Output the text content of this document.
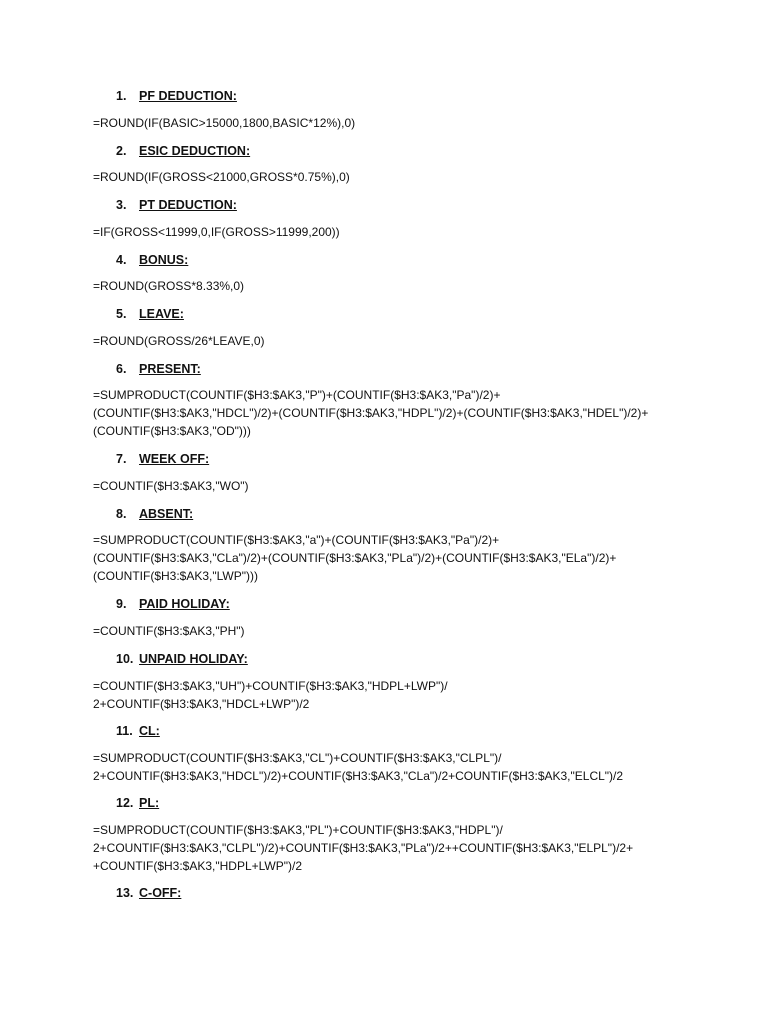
1. PF DEDUCTION:
=ROUND(IF(BASIC>15000,1800,BASIC*12%),0)
2. ESIC DEDUCTION:
=ROUND(IF(GROSS<21000,GROSS*0.75%),0)
3. PT DEDUCTION:
=IF(GROSS<11999,0,IF(GROSS>11999,200))
4. BONUS:
=ROUND(GROSS*8.33%,0)
5. LEAVE:
=ROUND(GROSS/26*LEAVE,0)
6. PRESENT:
=SUMPRODUCT(COUNTIF($H3:$AK3,"P")+(COUNTIF($H3:$AK3,"Pa")/2)+
(COUNTIF($H3:$AK3,"HDCL")/2)+(COUNTIF($H3:$AK3,"HDPL")/2)+(COUNTIF($H3:$AK3,"HDEL")/2)+
(COUNTIF($H3:$AK3,"OD")))
7. WEEK OFF:
=COUNTIF($H3:$AK3,"WO")
8. ABSENT:
=SUMPRODUCT(COUNTIF($H3:$AK3,"a")+(COUNTIF($H3:$AK3,"Pa")/2)+
(COUNTIF($H3:$AK3,"CLa")/2)+(COUNTIF($H3:$AK3,"PLa")/2)+(COUNTIF($H3:$AK3,"ELa")/2)+
(COUNTIF($H3:$AK3,"LWP")))
9. PAID HOLIDAY:
=COUNTIF($H3:$AK3,"PH")
10. UNPAID HOLIDAY:
=COUNTIF($H3:$AK3,"UH")+COUNTIF($H3:$AK3,"HDPL+LWP")/
2+COUNTIF($H3:$AK3,"HDCL+LWP")/2
11. CL:
=SUMPRODUCT(COUNTIF($H3:$AK3,"CL")+COUNTIF($H3:$AK3,"CLPL")/
2+COUNTIF($H3:$AK3,"HDCL")/2)+COUNTIF($H3:$AK3,"CLa")/2+COUNTIF($H3:$AK3,"ELCL")/2
12. PL:
=SUMPRODUCT(COUNTIF($H3:$AK3,"PL")+COUNTIF($H3:$AK3,"HDPL")/
2+COUNTIF($H3:$AK3,"CLPL")/2)+COUNTIF($H3:$AK3,"PLa")/2++COUNTIF($H3:$AK3,"ELPL")/2+
+COUNTIF($H3:$AK3,"HDPL+LWP")/2
13. C-OFF:
